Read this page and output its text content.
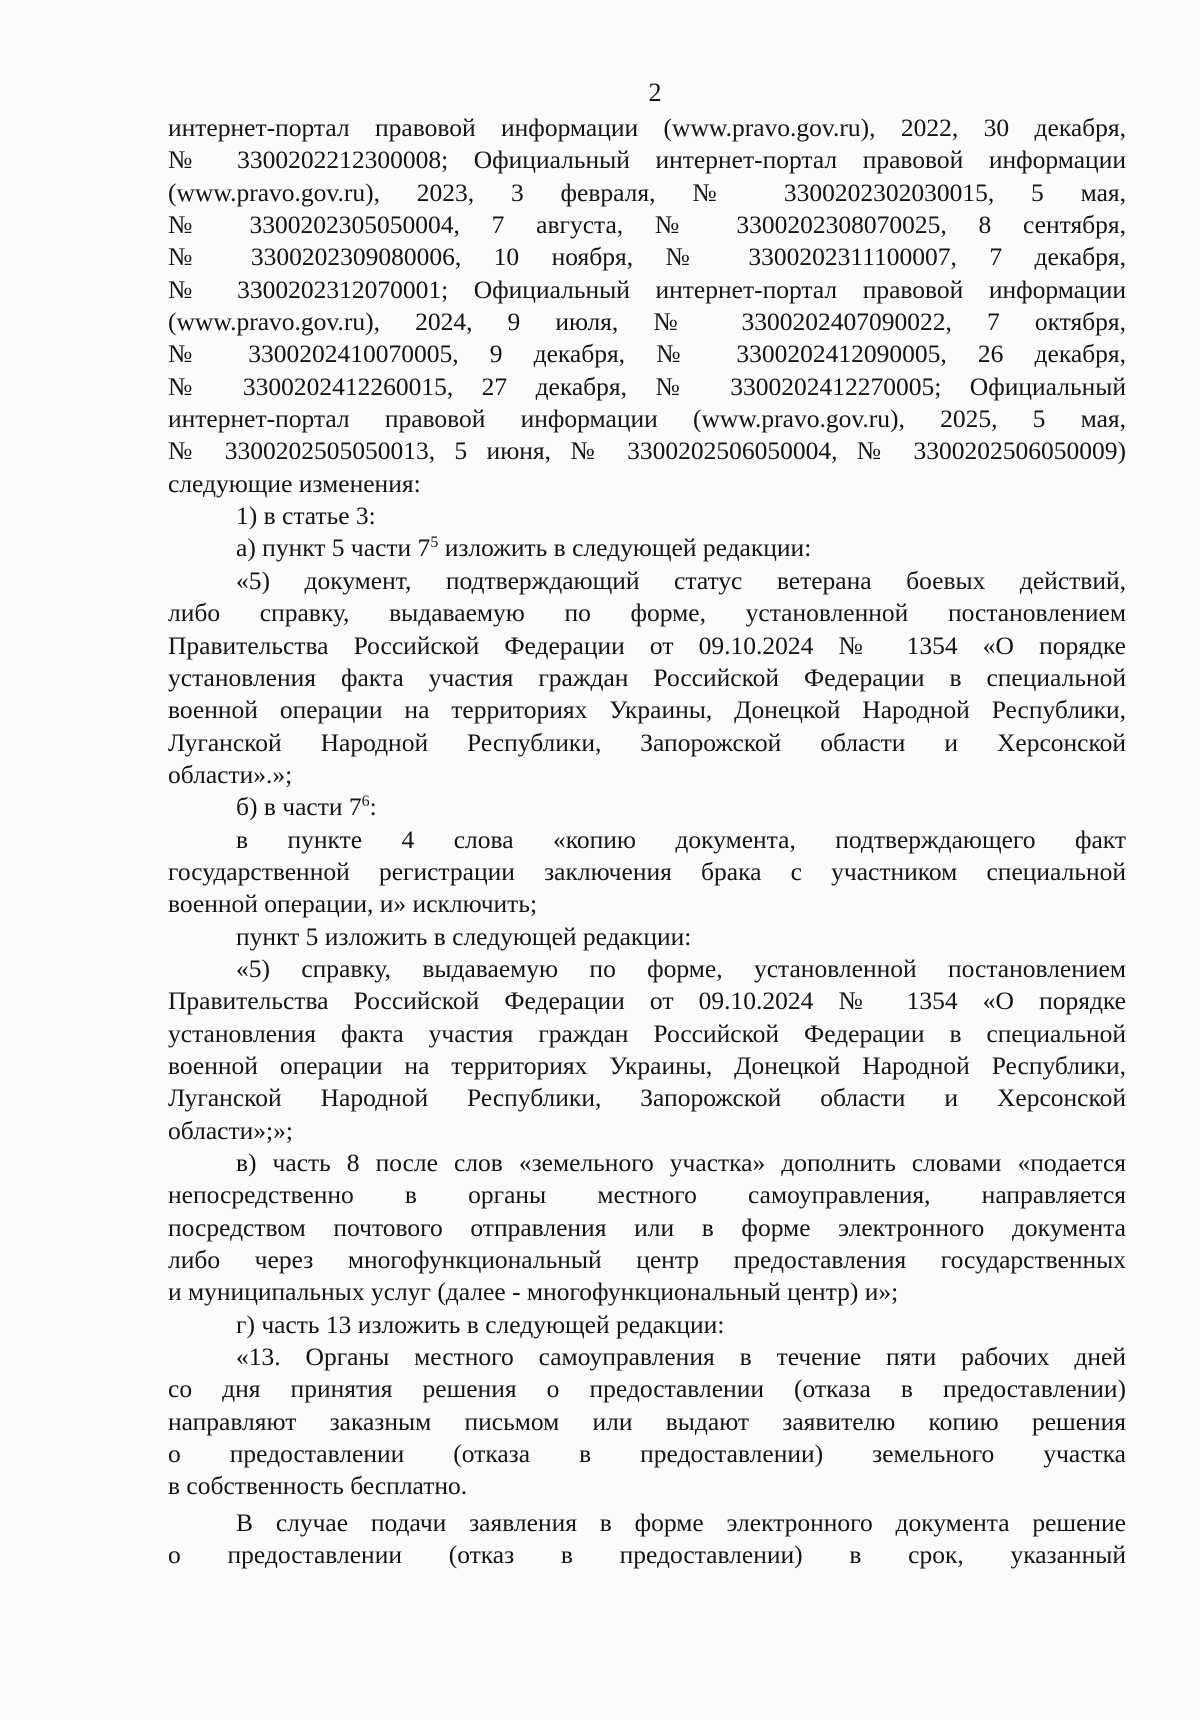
2
интернет-портал правовой информации (www.pravo.gov.ru), 2022, 30 декабря,
№ 3300202212300008; Официальный интернет-портал правовой информации
(www.pravo.gov.ru), 2023, 3 февраля, № 3300202302030015, 5 мая,
№ 3300202305050004, 7 августа, № 3300202308070025, 8 сентября,
№ 3300202309080006, 10 ноября, № 3300202311100007, 7 декабря,
№ 3300202312070001; Официальный интернет-портал правовой информации
(www.pravo.gov.ru), 2024, 9 июля, № 3300202407090022, 7 октября,
№ 3300202410070005, 9 декабря, № 3300202412090005, 26 декабря,
№ 3300202412260015, 27 декабря, № 3300202412270005; Официальный
интернет-портал правовой информации (www.pravo.gov.ru), 2025, 5 мая,
№ 3300202505050013, 5 июня, № 3300202506050004, № 3300202506050009)
следующие изменения:
1) в статье 3:
а) пункт 5 части $7^5$ изложить в следующей редакции:
«5) документ, подтверждающий статус ветерана боевых действий,
либо справку, выдаваемую по форме, установленной постановлением
Правительства Российской Федерации от 09.10.2024 № 1354 «О порядке
установления факта участия граждан Российской Федерации в специальной
военной операции на территориях Украины, Донецкой Народной Республики,
Луганской Народной Республики, Запорожской области и Херсонской
области».»;
б) в части $7^6$:
в пункте 4 слова «копию документа, подтверждающего факт
государственной регистрации заключения брака с участником специальной
военной операции, и» исключить;
пункт 5 изложить в следующей редакции:
«5) справку, выдаваемую по форме, установленной постановлением
Правительства Российской Федерации от 09.10.2024 № 1354 «О порядке
установления факта участия граждан Российской Федерации в специальной
военной операции на территориях Украины, Донецкой Народной Республики,
Луганской Народной Республики, Запорожской области и Херсонской
области»;»;
в) часть 8 после слов «земельного участка» дополнить словами «подается
непосредственно в органы местного самоуправления, направляется
посредством почтового отправления или в форме электронного документа
либо через многофункциональный центр предоставления государственных
и муниципальных услуг (далее - многофункциональный центр) и»;
г) часть 13 изложить в следующей редакции:
«13. Органы местного самоуправления в течение пяти рабочих дней
со дня принятия решения о предоставлении (отказа в предоставлении)
направляют заказным письмом или выдают заявителю копию решения
о предоставлении (отказа в предоставлении) земельного участка
в собственность бесплатно.
В случае подачи заявления в форме электронного документа решение
о предоставлении (отказ в предоставлении) в срок, указанный
